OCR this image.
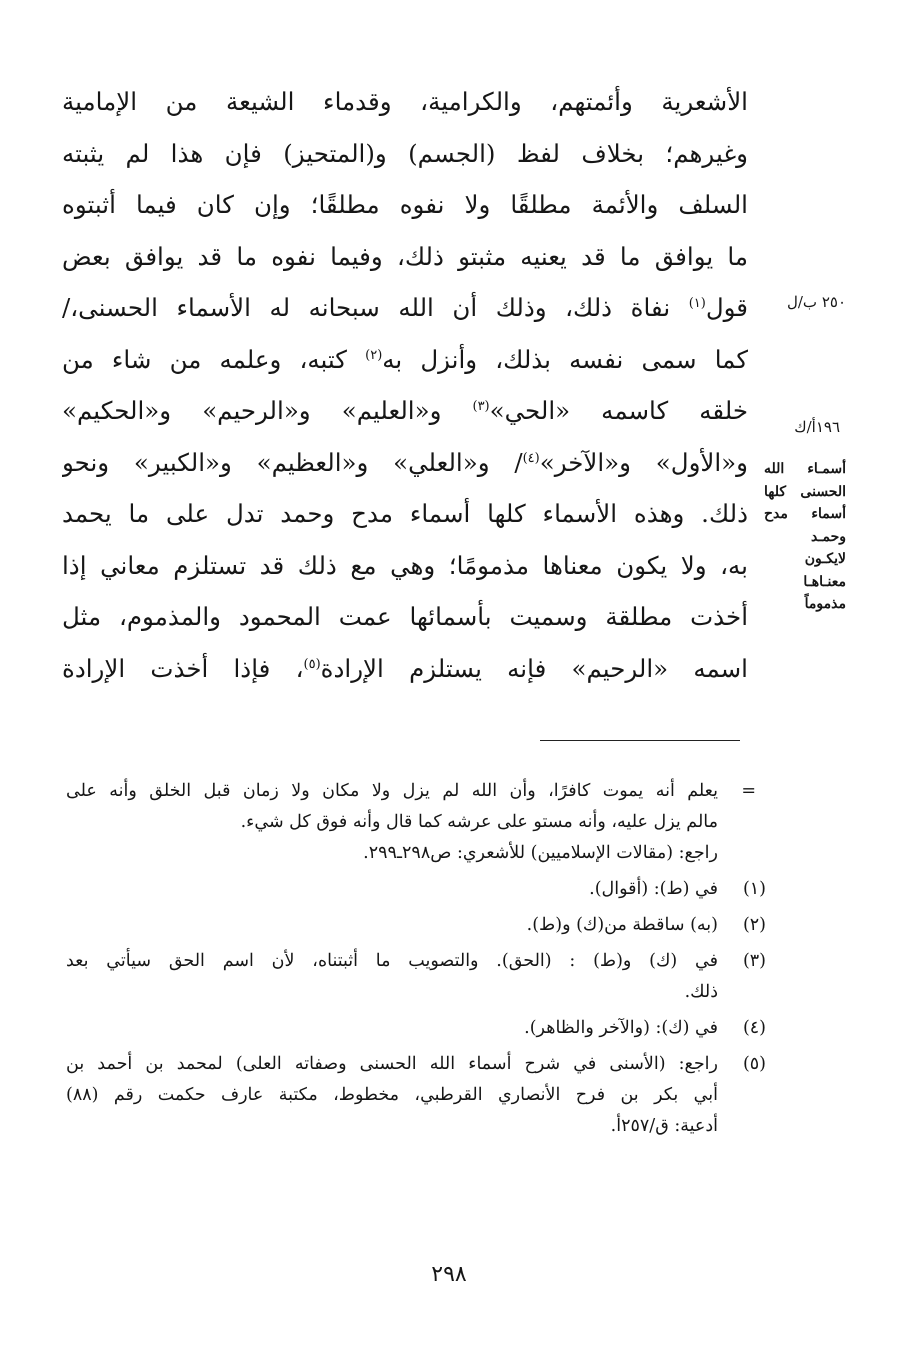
الأشعرية وأئمتهم، والكرامية، وقدماء الشيعة من الإمامية
وغيرهم؛ بخلاف لفظ (الجسم) و(المتحيز) فإن هذا لم يثبته
السلف والأئمة مطلقًا ولا نفوه مطلقًا؛ وإن كان فيما أثبتوه
ما يوافق ما قد يعنيه مثبتو ذلك، وفيما نفوه ما قد يوافق بعض
قول$^{(١)}$ نفاة ذلك، وذلك أن الله سبحانه له الأسماء الحسنى،/
كما سمى نفسه بذلك، وأنزل به$^{(٢)}$ كتبه، وعلمه من شاء من
خلقه كاسمه «الحي»$^{(٣)}$ و«العليم» و«الرحيم» و«الحكيم»
و«الأول» و«الآخر»$^{(٤)}$/ و«العلي» و«العظيم» و«الكبير» ونحو
ذلك. وهذه الأسماء كلها أسماء مدح وحمد تدل على ما يحمد
به، ولا يكون معناها مذمومًا؛ وهي مع ذلك قد تستلزم معاني إذا
أخذت مطلقة وسميت بأسمائها عمت المحمود والمذموم، مثل
اسمه «الرحيم» فإنه يستلزم الإرادة$^{(٥)}$، فإذا أخذت الإرادة
٢٥٠ ب/ل
١٩٦أ/ك
أسمـاء الله
الحسنى كلها
أسماء مدح
وحمـد
لايكـون
معنـاهـا
مذموماً
=
يعلم أنه يموت كافرًا، وأن الله لم يزل ولا مكان ولا زمان قبل الخلق وأنه على
مالم يزل عليه، وأنه مستو على عرشه كما قال وأنه فوق كل شيء.
راجع: (مقالات الإسلاميين) للأشعري: ص٢٩٨ـ٢٩٩.
(١)
في (ط): (أقوال).
(٢)
(به) ساقطة من(ك) و(ط).
(٣)
في (ك) و(ط) : (الحق). والتصويب ما أثبتناه، لأن اسم الحق سيأتي بعد
ذلك.
(٤)
في (ك): (والآخر والظاهر).
(٥)
راجع: (الأسنى في شرح أسماء الله الحسنى وصفاته العلى) لمحمد بن أحمد بن
أبي بكر بن فرح الأنصاري القرطبي، مخطوط، مكتبة عارف حكمت رقم (٨٨)
أدعية: ق/٢٥٧أ.
٢٩٨
